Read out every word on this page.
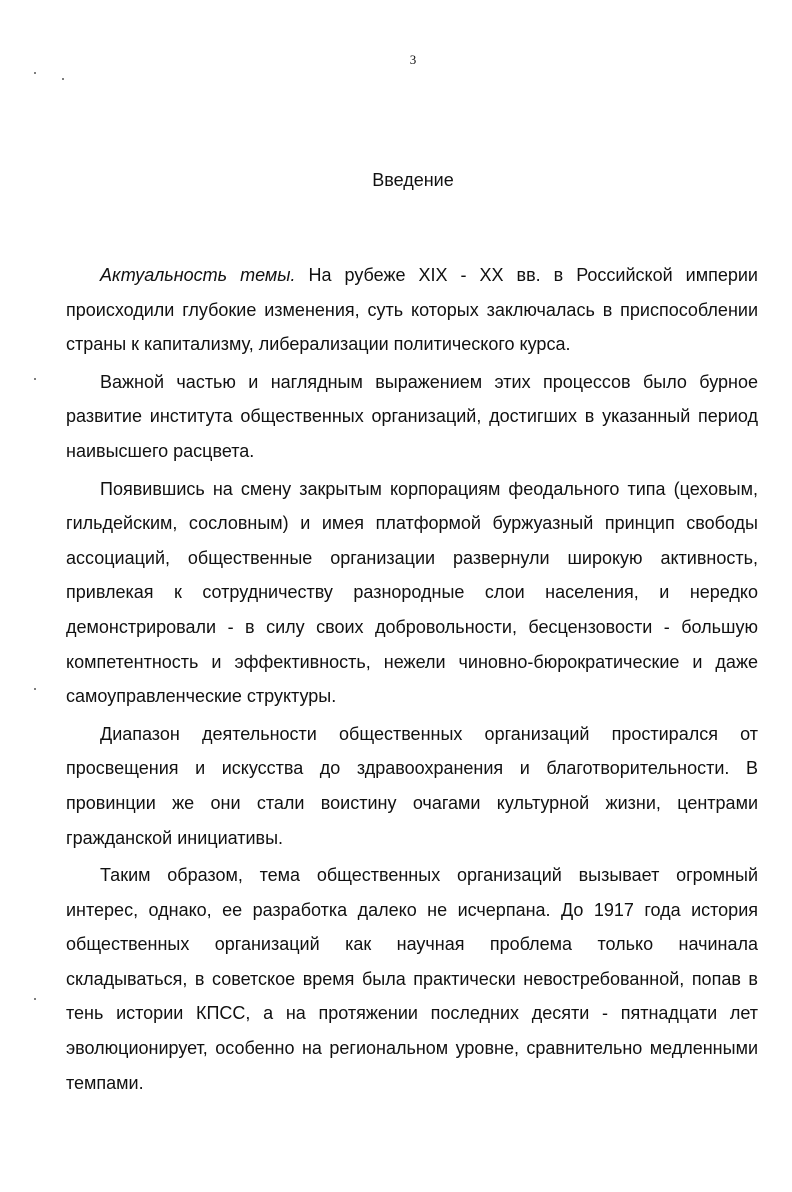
3
Введение

Актуальность темы. На рубеже XIX - XX вв. в Российской империи происходили глубокие изменения, суть которых заключалась в приспособлении страны к капитализму, либерализации политического курса.

Важной частью и наглядным выражением этих процессов было бурное развитие института общественных организаций, достигших в указанный период наивысшего расцвета.

Появившись на смену закрытым корпорациям феодального типа (цеховым, гильдейским, сословным) и имея платформой буржуазный принцип свободы ассоциаций, общественные организации развернули широкую активность, привлекая к сотрудничеству разнородные слои населения, и нередко демонстрировали - в силу своих добровольности, бесцензовости - большую компетентность и эффективность, нежели чиновно-бюрократические и даже самоуправленческие структуры.

Диапазон деятельности общественных организаций простирался от просвещения и искусства до здравоохранения и благотворительности. В провинции же они стали воистину очагами культурной жизни, центрами гражданской инициативы.

Таким образом, тема общественных организаций вызывает огромный интерес, однако, ее разработка далеко не исчерпана. До 1917 года история общественных организаций как научная проблема только начинала складываться, в советское время была практически невостребованной, попав в тень истории КПСС, а на протяжении последних десяти - пятнадцати лет эволюционирует, особенно на региональном уровне, сравнительно медленными темпами.
